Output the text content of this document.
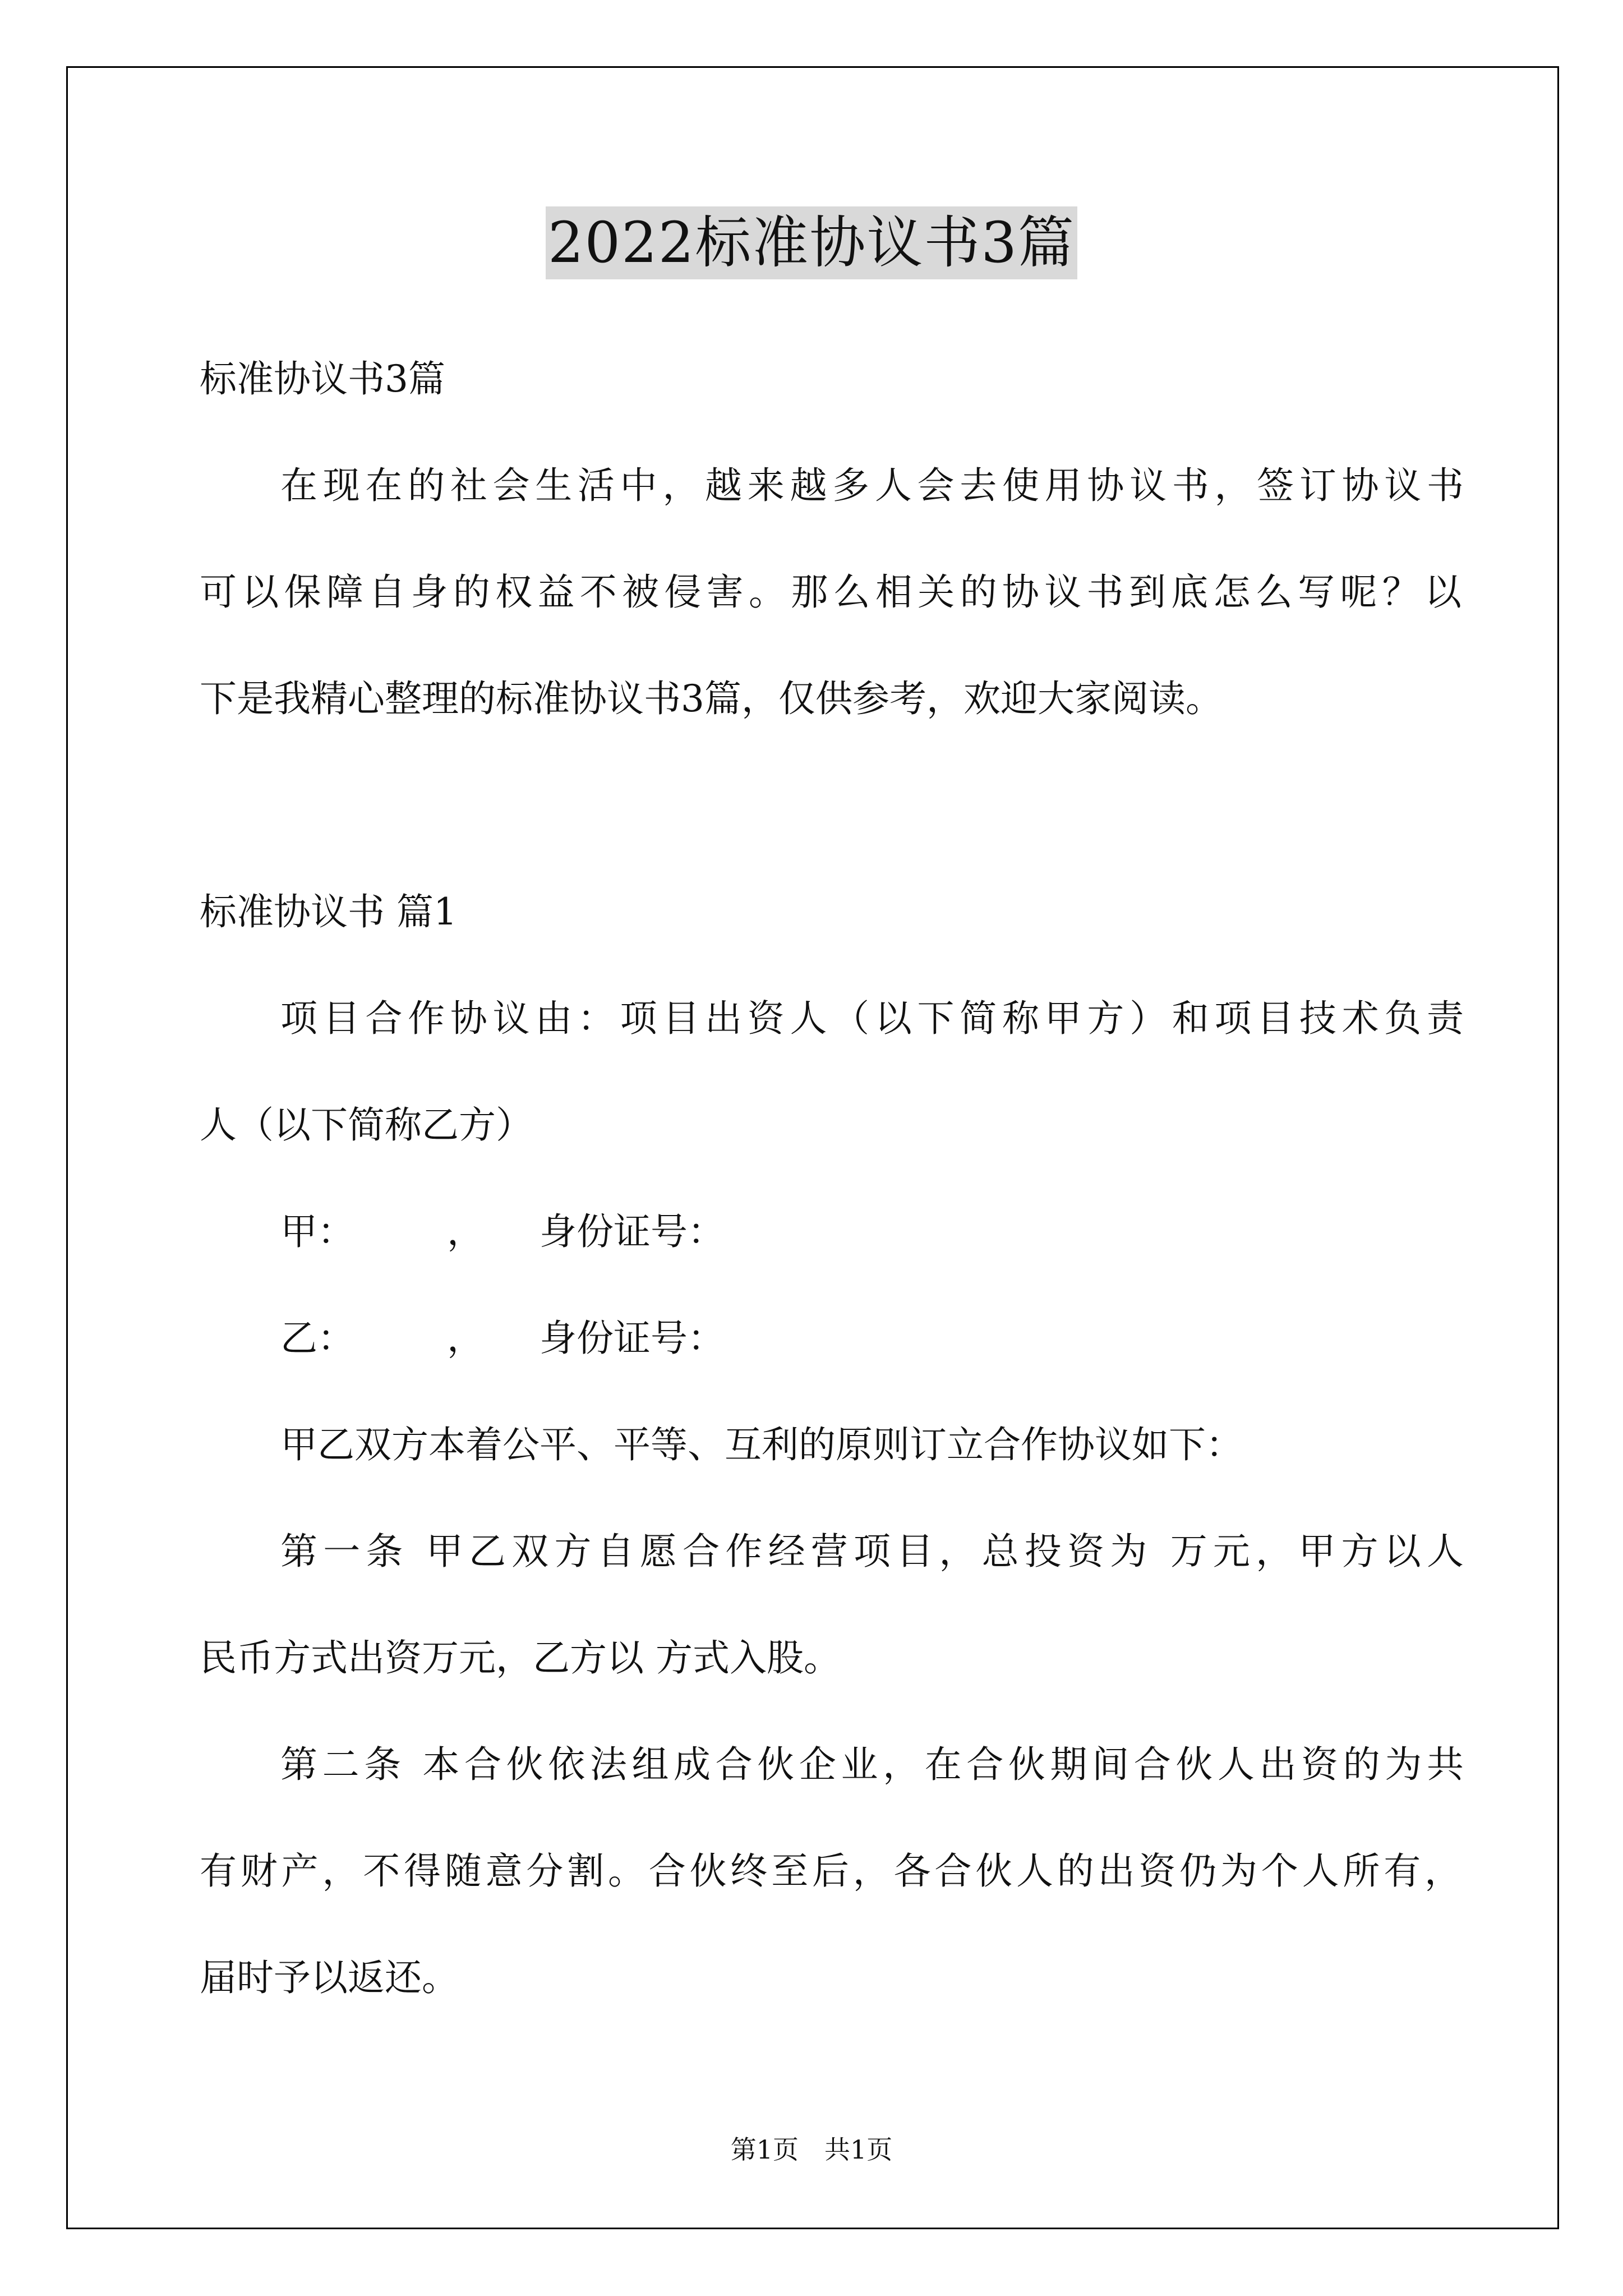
2022标准协议书3篇
标准协议书3篇
在现在的社会生活中，越来越多人会去使用协议书，签订协议书
可以保障自身的权益不被侵害。那么相关的协议书到底怎么写呢？以
下是我精心整理的标准协议书3篇，仅供参考，欢迎大家阅读。
标准协议书 篇1
项目合作协议由：项目出资人（以下简称甲方）和项目技术负责
人（以下简称乙方）
甲：　　　，　　身份证号：
乙：　　　，　　身份证号：
甲乙双方本着公平、平等、互利的原则订立合作协议如下：
第一条 甲乙双方自愿合作经营项目，总投资为 万元，甲方以人
民币方式出资万元，乙方以 方式入股。
第二条 本合伙依法组成合伙企业，在合伙期间合伙人出资的为共
有财产，不得随意分割。合伙终至后，各合伙人的出资仍为个人所有，
届时予以返还。
第1页　共1页
